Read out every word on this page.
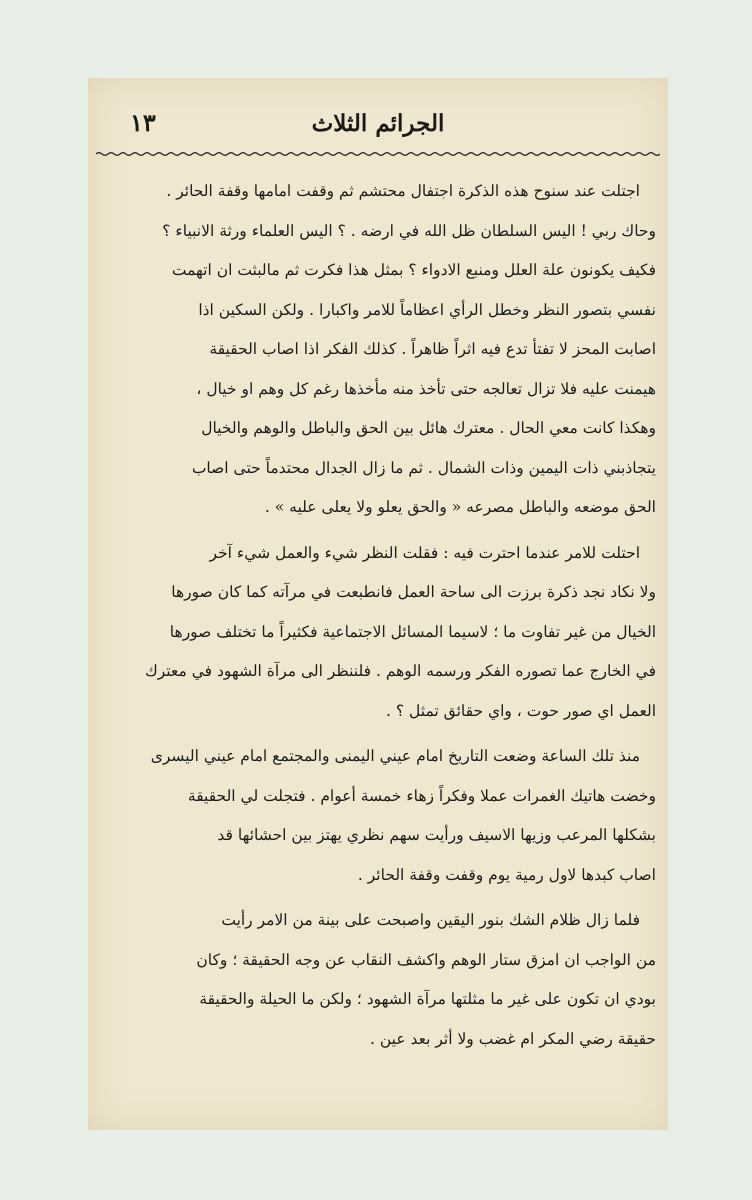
الجرائم الثلاث
١٣
اجتلت عند سنوح هذه الذكرة اجتفال محتشم ثم وقفت امامها وقفة الحائر .
وحاك ربي ! اليس السلطان ظل الله في ارضه . ؟ اليس العلماء ورثة الانبياء ؟
فكيف يكونون علة العلل ومنبع الادواء ؟ بمثل هذا فكرت ثم مالبثت ان اتهمت
نفسي بتصور النظر وخطل الرأي اعظاماً للامر واكبارا . ولكن السكين اذا
اصابت المحز لا تفتأ تدع فيه اثراً ظاهراً . كذلك الفكر اذا اصاب الحقيقة
هيمنت عليه فلا تزال تعالجه حتى تأخذ منه مأخذها رغم كل وهم او خيال ،
وهكذا كانت معي الحال . معترك هائل بين الحق والباطل والوهم والخيال
يتجاذبني ذات اليمين وذات الشمال . ثم ما زال الجدال محتدماً حتى اصاب
الحق موضعه والباطل مصرعه « والحق يعلو ولا يعلى عليه » .
احتلت للامر عندما احترت فيه : فقلت النظر شيء والعمل شيء آخر
ولا نكاد نجد ذكرة برزت الى ساحة العمل فانطبعت في مرآته كما كان صورها
الخيال من غير تفاوت ما ؛ لاسيما المسائل الاجتماعية فكثيراً ما تختلف صورها
في الخارج عما تصوره الفكر ورسمه الوهم . فلننظر الى مرآة الشهود في معترك
العمل اي صور حوت ، واي حقائق تمثل ؟ .
منذ تلك الساعة وضعت التاريخ امام عيني اليمنى والمجتمع امام عيني اليسرى
وخضت هاتيك الغمرات عملا وفكراً زهاء خمسة أعوام . فتجلت لي الحقيقة
بشكلها المرعب وزيها الاسيف ورأيت سهم نظري يهتز بين احشائها قد
اصاب كبدها لاول رمية يوم وقفت وقفة الحائر .
فلما زال ظلام الشك بنور اليقين واصبحت على بينة من الامر رأيت
من الواجب ان امزق ستار الوهم واكشف النقاب عن وجه الحقيقة ؛ وكان
بودي ان تكون على غير ما مثلتها مرآة الشهود ؛ ولكن ما الحيلة والحقيقة
حقيقة رضي المكر ام غضب ولا أثر بعد عين .
